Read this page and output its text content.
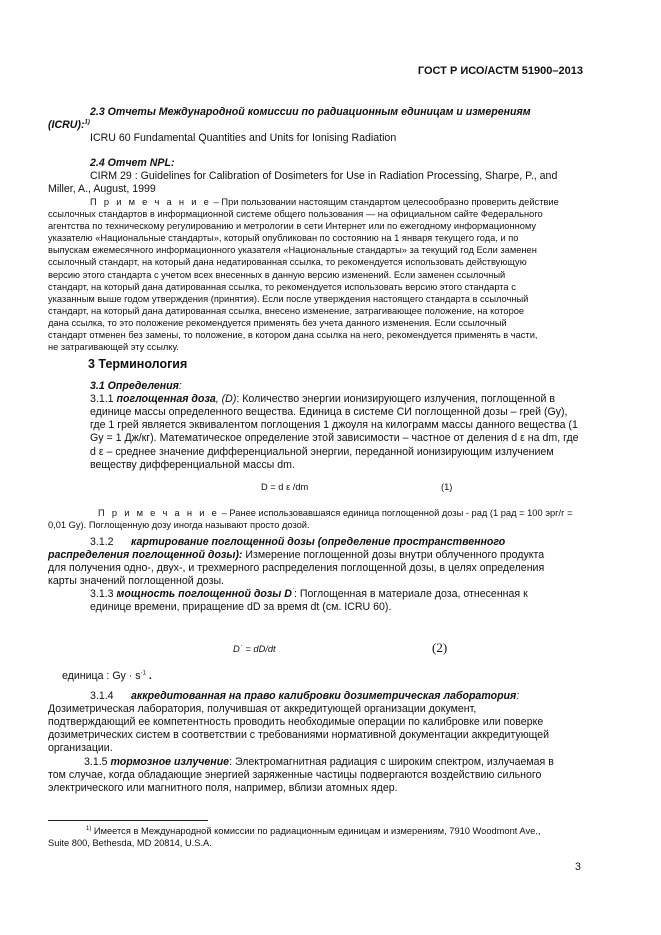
ГОСТ Р ИСО/АСТМ 51900–2013
2.3 Отчеты Международной комиссии по радиационным единицам и измерениям
(ICRU):$^{1)}$
ICRU 60 Fundamental Quantities and Units for Ionising Radiation
2.4 Отчет NPL:
CIRM 29 : Guidelines for Calibration of Dosimeters for Use in Radiation Processing, Sharpe, P., and
Miller, A., August, 1999
П р и м е ч а н и е – При пользовании настоящим стандартом целесообразно проверить действие
ссылочных стандартов в информационной системе общего пользования — на официальном сайте Федерального
агентства по техническому регулированию и метрологии в сети Интернет или по ежегодному информационному
указателю «Национальные стандарты», который опубликован по состоянию на 1 января текущего года, и по
выпускам ежемесячного информационного указателя «Национальные стандарты» за текущий год Если заменен
ссылочный стандарт, на который дана недатированная ссылка, то рекомендуется использовать действующую
версию этого стандарта с учетом всех внесенных в данную версию изменений. Если заменен ссылочный
стандарт, на который дана датированная ссылка, то рекомендуется использовать версию этого стандарта с
указанным выше годом утверждения (принятия). Если после утверждения настоящего стандарта в ссылочный
стандарт, на который дана датированная ссылка, внесено изменение, затрагивающее положение, на которое
дана ссылка, то это положение рекомендуется применять без учета данного изменения. Если ссылочный
стандарт отменен без замены, то положение, в котором дана ссылка на него, рекомендуется применять в части,
не затрагивающей эту ссылку.
3 Терминология
3.1 Определения:
3.1.1 поглощенная доза, (D): Количество энергии ионизирующего излучения, поглощенной в
единице массы определенного вещества. Единица в системе СИ поглощенной дозы – грей (Gy),
где 1 грей является эквивалентом поглощения 1 джоуля на килограмм массы данного вещества (1
Gy = 1 Дж/кг). Математическое определение этой зависимости – частное от деления d ε на dm, где
d ε – среднее значение дифференциальной энергии, переданной ионизирующим излучением
веществу дифференциальной массы dm.
D = d ε /dm	(1)
П р и м е ч а н и е – Ранее использовавшаяся единица поглощенной дозы - рад (1 рад = 100 эрг/г =
0,01 Gy). Поглощенную дозу иногда называют просто дозой.
3.1.2 картирование поглощенной дозы (определение пространственного
распределения поглощенной дозы): Измерение поглощенной дозы внутри облученного продукта
для получения одно-, двух-, и трехмерного распределения поглощенной дозы, в целях определения
карты значений поглощенной дозы.
3.1.3 мощность поглощенной дозы D˙: Поглощенная в материале доза, отнесенная к
единице времени, приращение dD за время dt (см. ICRU 60).
D˙ = dD/dt	(2)
единица : $Gy \cdot s^{-1}$ .
3.1.4 аккредитованная на право калибровки дозиметрическая лаборатория:
Дозиметрическая лаборатория, получившая от аккредитующей организации документ,
подтверждающий ее компетентность проводить необходимые операции по калибровке или поверке
дозиметрических систем в соответствии с требованиями нормативной документации аккредитующей
организации.
3.1.5 тормозное излучение: Электромагнитная радиация с широким спектром, излучаемая в
том случае, когда обладающие энергией заряженные частицы подвергаются воздействию сильного
электрического или магнитного поля, например, вблизи атомных ядер.
$^{1)}$ Имеется в Международной комиссии по радиационным единицам и измерениям, 7910 Woodmont Ave.,
Suite 800, Bethesda, MD 20814, U.S.A.
3
